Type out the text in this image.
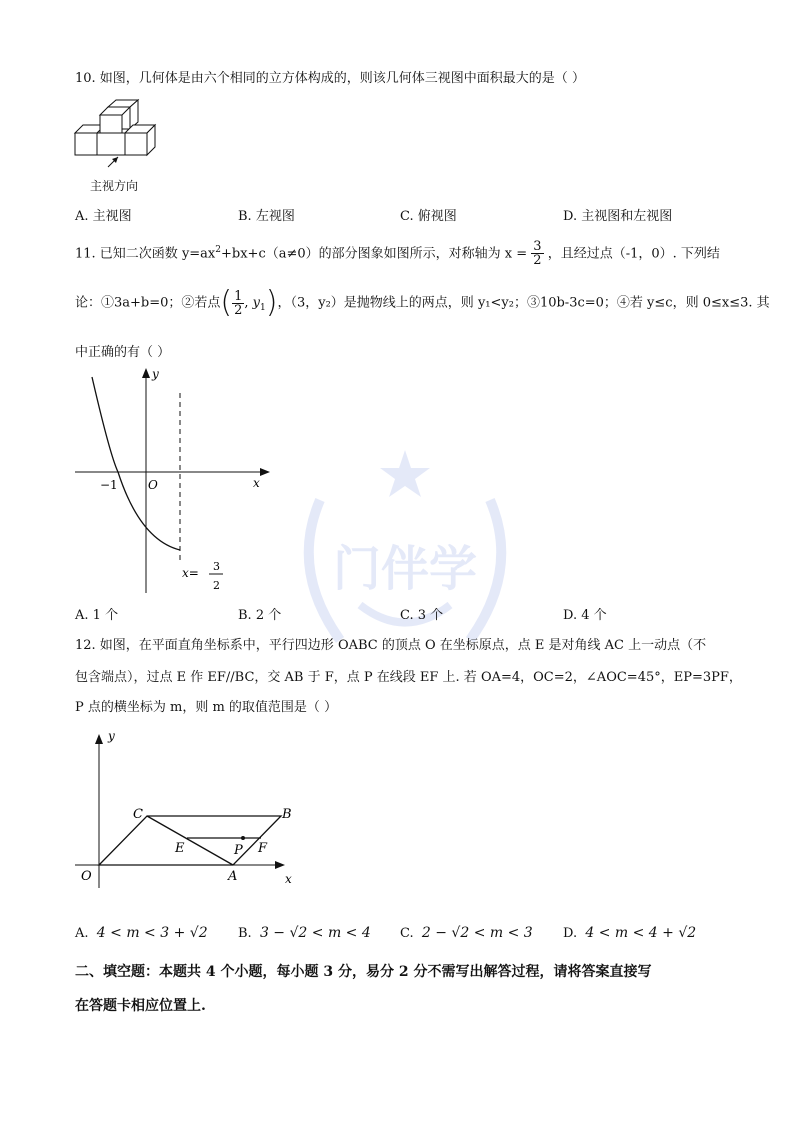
门伴学
10. 如图，几何体是由六个相同的立方体构成的，则该几何体三视图中面积最大的是（ ）
主视方向
A. 主视图	B. 左视图	C. 俯视图	D. 主视图和左视图
11. 已知二次函数 $y=ax^2+bx+c(a\ne 0)$的部分图象如图所示，对称轴为 $x = \frac{3}{2}$ ，且经过点（-1，0）. 下列结
论：①3a+b=0；②若点( $\frac{1}{2}$ , $y_1$)，（3，y₂）是抛物线上的两点，则 y₁<y₂；③10b-3c=0；④若 y≤c，则 0≤x≤3. 其
中正确的有（ ）
y
x
O
−1
x= 3
2
A. 1 个	B. 2 个	C. 3 个	D. 4 个
12. 如图，在平面直角坐标系中，平行四边形 OABC 的顶点 O 在坐标原点，点 E 是对角线 AC 上一动点（不
包含端点），过点 E 作 EF//BC，交 AB 于 F，点 P 在线段 EF 上. 若 OA=4，OC=2，∠AOC=45°，EP=3PF，
P 点的横坐标为 m，则 m 的取值范围是（ ）
y
x
O	A
B
C
E	F
P
A. 4 < m < 3 + √2 B. 3 − √2 < m < 4 C. 2 − √2 < m < 3 D. 4 < m < 4 + √2
二、填空题：本题共 4 个小题，每小题 3 分，易分 2 分不需写出解答过程，请将答案直接写
在答题卡相应位置上.
